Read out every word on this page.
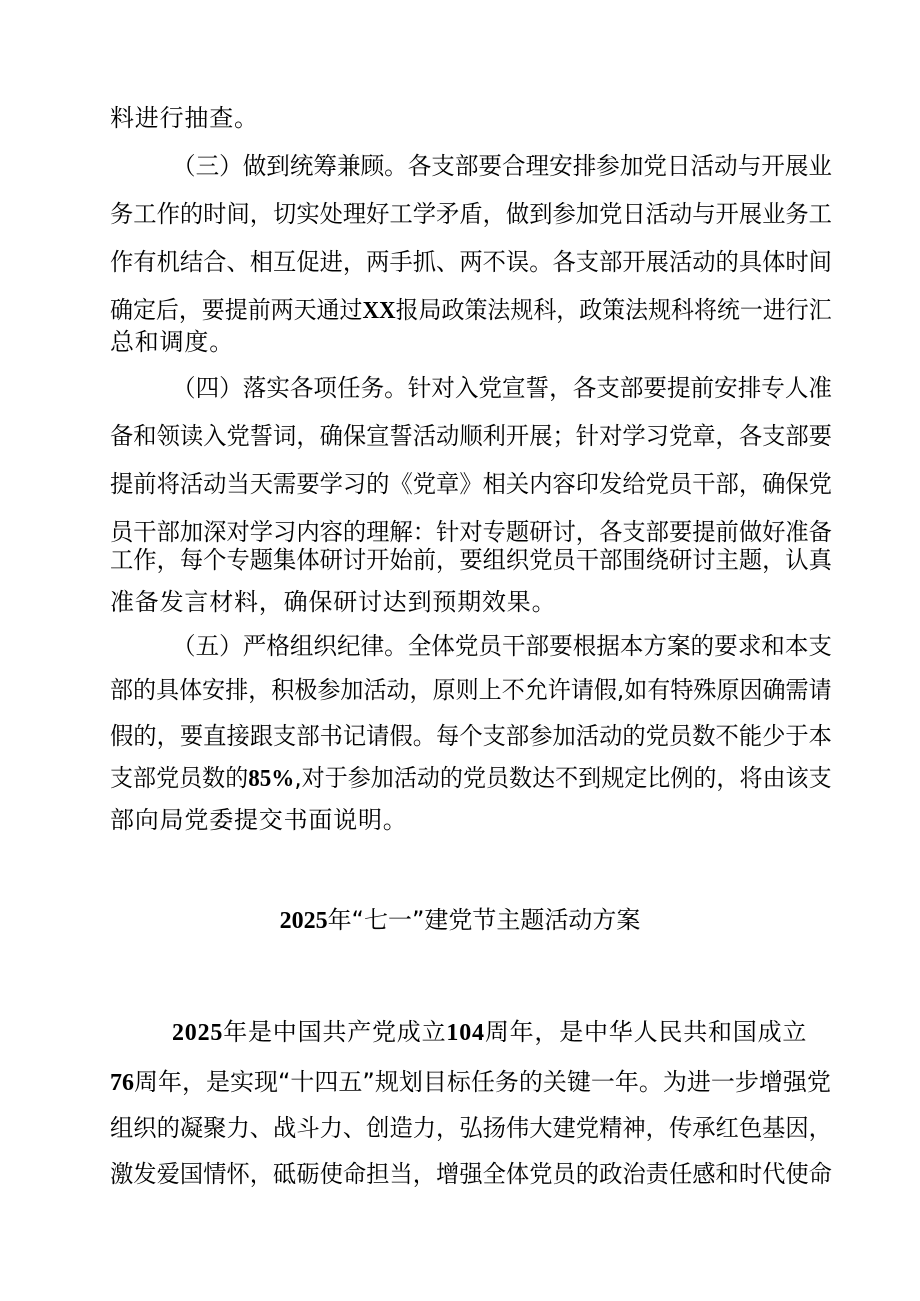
料进行抽查。
（三）做到统筹兼顾。各支部要合理安排参加党日活动与开展业
务工作的时间，切实处理好工学矛盾，做到参加党日活动与开展业务工
作有机结合、相互促进，两手抓、两不误。各支部开展活动的具体时间
确定后，要提前两天通过XX报局政策法规科，政策法规科将统一进行汇
总和调度。
（四）落实各项任务。针对入党宣誓，各支部要提前安排专人准
备和领读入党誓词，确保宣誓活动顺利开展；针对学习党章，各支部要
提前将活动当天需要学习的《党章》相关内容印发给党员干部，确保党
员干部加深对学习内容的理解：针对专题研讨，各支部要提前做好准备
工作，每个专题集体研讨开始前，要组织党员干部围绕研讨主题，认真
准备发言材料，确保研讨达到预期效果。
（五）严格组织纪律。全体党员干部要根据本方案的要求和本支
部的具体安排，积极参加活动，原则上不允许请假,如有特殊原因确需请
假的，要直接跟支部书记请假。每个支部参加活动的党员数不能少于本
支部党员数的85%,对于参加活动的党员数达不到规定比例的，将由该支
部向局党委提交书面说明。
2025年“七一”建党节主题活动方案
2025年是中国共产党成立104周年，是中华人民共和国成立
76周年，是实现“十四五”规划目标任务的关键一年。为进一步增强党
组织的凝聚力、战斗力、创造力，弘扬伟大建党精神，传承红色基因，
激发爱国情怀，砥砺使命担当，增强全体党员的政治责任感和时代使命
